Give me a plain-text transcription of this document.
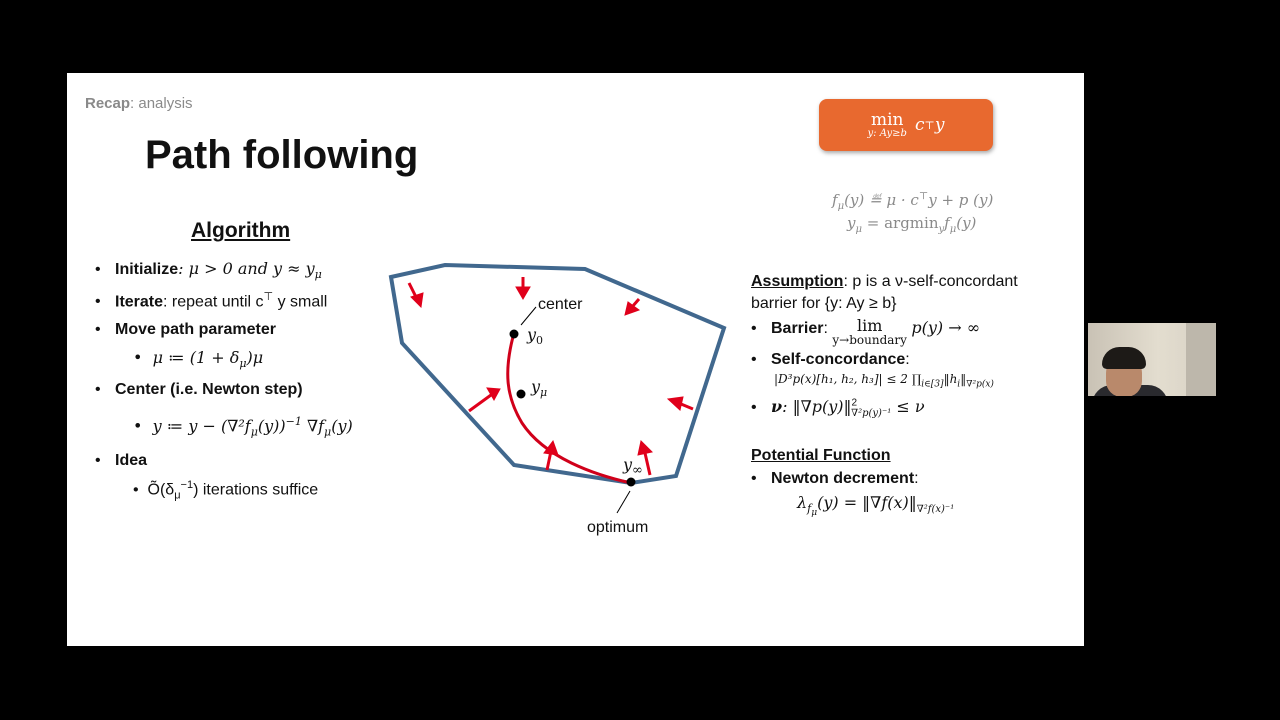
Recap: analysis
Path following
Algorithm
• Initialize: μ > 0 and $y \approx y_\mu$
• Iterate: repeat until c⊤ y small
• Move path parameter
•  μ ≔ $(1 + \delta_\mu)\mu$
• Center (i.e. Newton step)
•  y ≔ $y - (\nabla^2f_\mu(y))^{-1}$ $\nabla f_\mu(y)$
• Idea
•  $Õ(\delta_\mu^{-1})$ iterations suffice
center
$y_0$
$y_\mu$
$y_\infty$
optimum
min
y: Ay≥b c ⊤ y
$f_\mu(y)$ ≝ μ · c⊤y + p (y)
$y_\mu = argmin_yf_\mu(y)$
Assumption: p is a ν-self-concordant
barrier for {y: Ay ≥ b}
• Barrier: lim
y→boundary
p(y) → ∞
• Self-concordance:
|D³p(x)[h₁, h₂, h₃]| ≤ 2 $\prod_{i\in[3]}‖h_i‖_{\nabla^2p(x)}$
• ν: ‖∇p(y)‖$^2_{\nabla^2p(y)^{-1}}$ ≤ ν
Potential Function
• Newton decrement:
$\lambda_{f_\mu}(y)$ = $‖\nabla f(x)‖_{\nabla^2f(x)^{-1}}$
